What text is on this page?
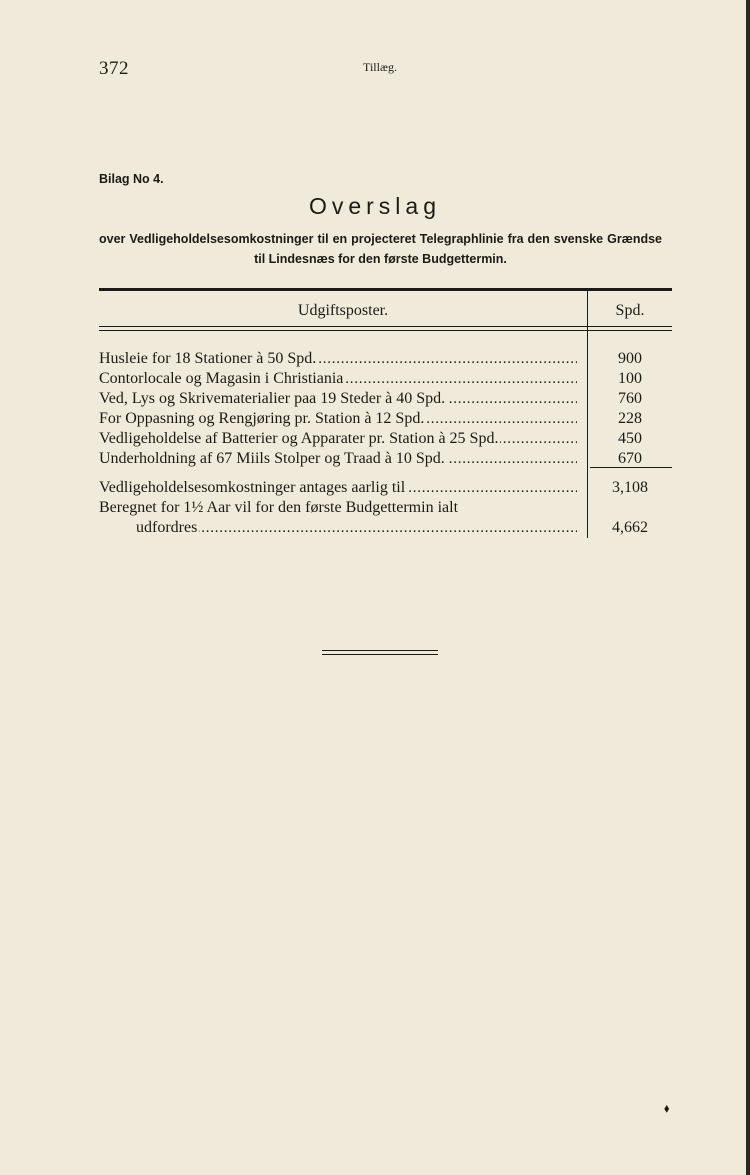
372	Tillæg.
Bilag No 4.
Overslag
over Vedligeholdelsesomkostninger til en projecteret Telegraphlinie fra den svenske Grændse til Lindesnæs for den første Budgettermin.
Udgiftsposter.	Spd.
Husleie for 18 Stationer à 50 Spd. . . .	900
Contorlocale og Magasin i Christiania . . .	100
Ved, Lys og Skrivematerialier paa 19 Steder à 40 Spd. . . .	760
For Oppasning og Rengjøring pr. Station à 12 Spd. . . .	228
Vedligeholdelse af Batterier og Apparater pr. Station à 25 Spd. . . .	450
Underholdning af 67 Miils Stolper og Traad à 10 Spd. . . .	670
Vedligeholdelsesomkostninger antages aarlig til . . .	3,108
Beregnet for 1½ Aar vil for den første Budgettermin ialt
udfordres . . .	4,662
⬧
